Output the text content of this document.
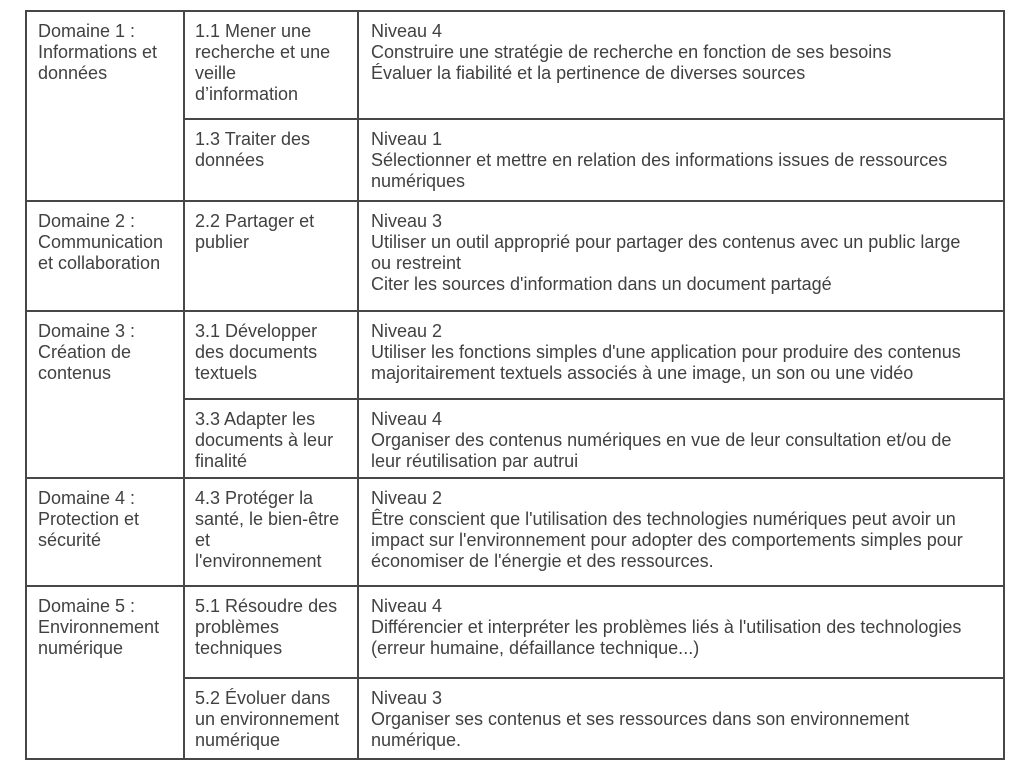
Domaine 1 : Informations et données	1.1 Mener une recherche et une veille d’information	Niveau 4
Construire une stratégie de recherche en fonction de ses besoins
Évaluer la fiabilité et la pertinence de diverses sources

	1.3 Traiter des données	Niveau 1
Sélectionner et mettre en relation des informations issues de ressources numériques

Domaine 2 : Communication et collaboration	2.2 Partager et publier	Niveau 3
Utiliser un outil approprié pour partager des contenus avec un public large ou restreint
Citer les sources d'information dans un document partagé

Domaine 3 : Création de contenus	3.1 Développer des documents textuels	Niveau 2
Utiliser les fonctions simples d'une application pour produire des contenus majoritairement textuels associés à une image, un son ou une vidéo

	3.3 Adapter les documents à leur finalité	Niveau 4
Organiser des contenus numériques en vue de leur consultation et/ou de leur réutilisation par autrui

Domaine 4 : Protection et sécurité	4.3 Protéger la santé, le bien-être et l'environnement	Niveau 2
Être conscient que l'utilisation des technologies numériques peut avoir un impact sur l'environnement pour adopter des comportements simples pour économiser de l'énergie et des ressources.

Domaine 5 : Environnement numérique	5.1 Résoudre des problèmes techniques	Niveau 4
Différencier et interpréter les problèmes liés à l'utilisation des technologies (erreur humaine, défaillance technique...)

	5.2 Évoluer dans un environnement numérique	Niveau 3
Organiser ses contenus et ses ressources dans son environnement numérique.
